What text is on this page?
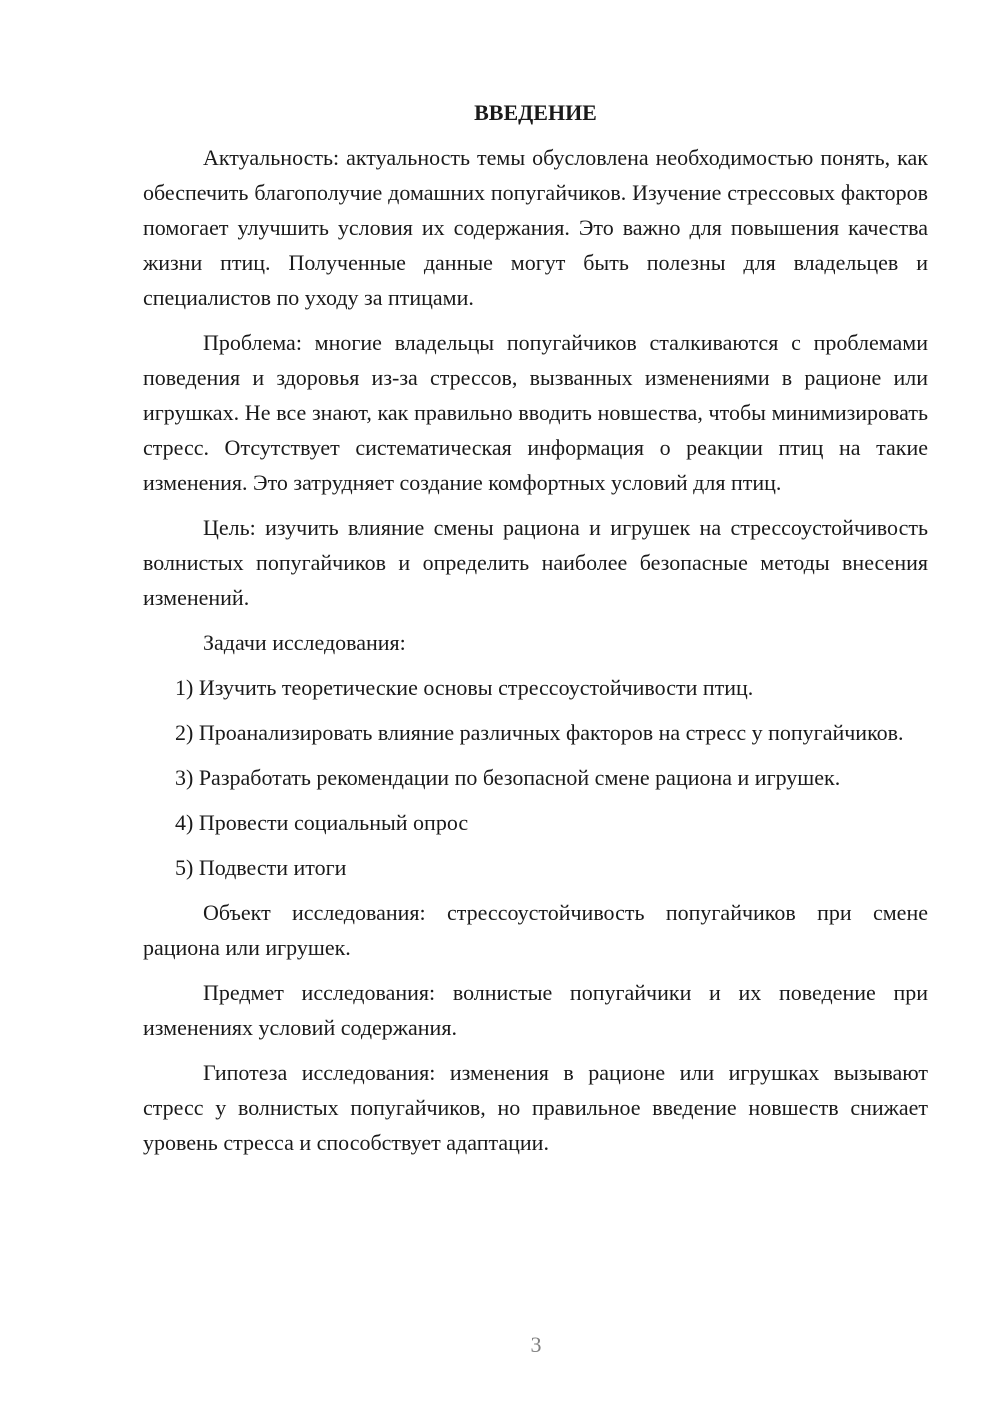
ВВЕДЕНИЕ

Актуальность: актуальность темы обусловлена необходимостью понять, как обеспечить благополучие домашних попугайчиков. Изучение стрессовых факторов помогает улучшить условия их содержания. Это важно для повышения качества жизни птиц. Полученные данные могут быть полезны для владельцев и специалистов по уходу за птицами.

Проблема: многие владельцы попугайчиков сталкиваются с проблемами поведения и здоровья из-за стрессов, вызванных изменениями в рационе или игрушках. Не все знают, как правильно вводить новшества, чтобы минимизировать стресс. Отсутствует систематическая информация о реакции птиц на такие изменения. Это затрудняет создание комфортных условий для птиц.

Цель: изучить влияние смены рациона и игрушек на стрессоустойчивость волнистых попугайчиков и определить наиболее безопасные методы внесения изменений.

Задачи исследования:

1) Изучить теоретические основы стрессоустойчивости птиц.

2) Проанализировать влияние различных факторов на стресс у попугайчиков.

3) Разработать рекомендации по безопасной смене рациона и игрушек.

4) Провести социальный опрос

5) Подвести итоги

Объект исследования: стрессоустойчивость попугайчиков при смене рациона или игрушек.

Предмет исследования: волнистые попугайчики и их поведение при изменениях условий содержания.

Гипотеза исследования: изменения в рационе или игрушках вызывают стресс у волнистых попугайчиков, но правильное введение новшеств снижает уровень стресса и способствует адаптации.

3
